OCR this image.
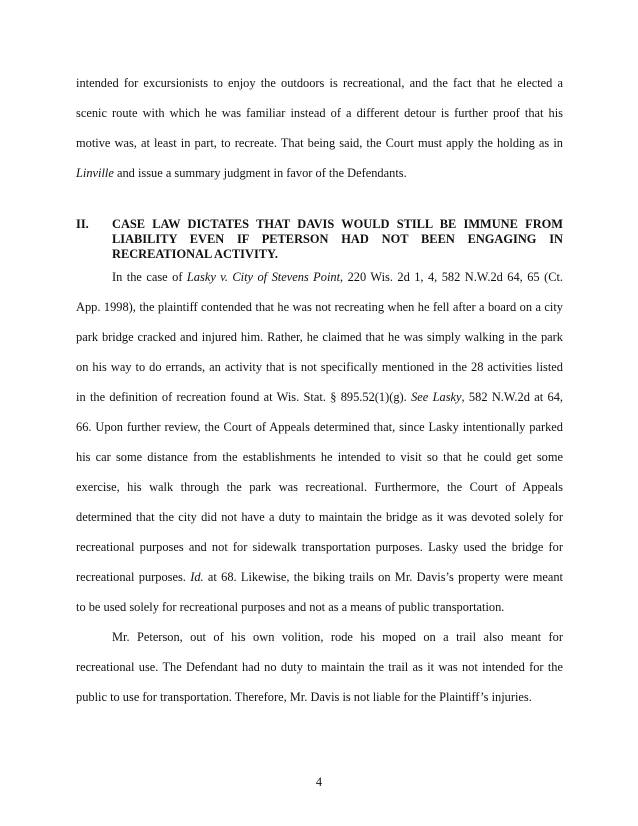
intended for excursionists to enjoy the outdoors is recreational, and the fact that he elected a
scenic route with which he was familiar instead of a different detour is further proof that his
motive was, at least in part, to recreate. That being said, the Court must apply the holding as in
Linville and issue a summary judgment in favor of the Defendants.
II. CASE LAW DICTATES THAT DAVIS WOULD STILL BE IMMUNE FROM
LIABILITY EVEN IF PETERSON HAD NOT BEEN ENGAGING IN
RECREATIONAL ACTIVITY.
In the case of Lasky v. City of Stevens Point, 220 Wis. 2d 1, 4, 582 N.W.2d 64, 65 (Ct.
App. 1998), the plaintiff contended that he was not recreating when he fell after a board on a city
park bridge cracked and injured him. Rather, he claimed that he was simply walking in the park
on his way to do errands, an activity that is not specifically mentioned in the 28 activities listed
in the definition of recreation found at Wis. Stat. § 895.52(1)(g). See Lasky, 582 N.W.2d at 64,
66. Upon further review, the Court of Appeals determined that, since Lasky intentionally parked
his car some distance from the establishments he intended to visit so that he could get some
exercise, his walk through the park was recreational. Furthermore, the Court of Appeals
determined that the city did not have a duty to maintain the bridge as it was devoted solely for
recreational purposes and not for sidewalk transportation purposes. Lasky used the bridge for
recreational purposes. Id. at 68. Likewise, the biking trails on Mr. Davis’s property were meant
to be used solely for recreational purposes and not as a means of public transportation.
Mr. Peterson, out of his own volition, rode his moped on a trail also meant for
recreational use. The Defendant had no duty to maintain the trail as it was not intended for the
public to use for transportation. Therefore, Mr. Davis is not liable for the Plaintiff’s injuries.
4
